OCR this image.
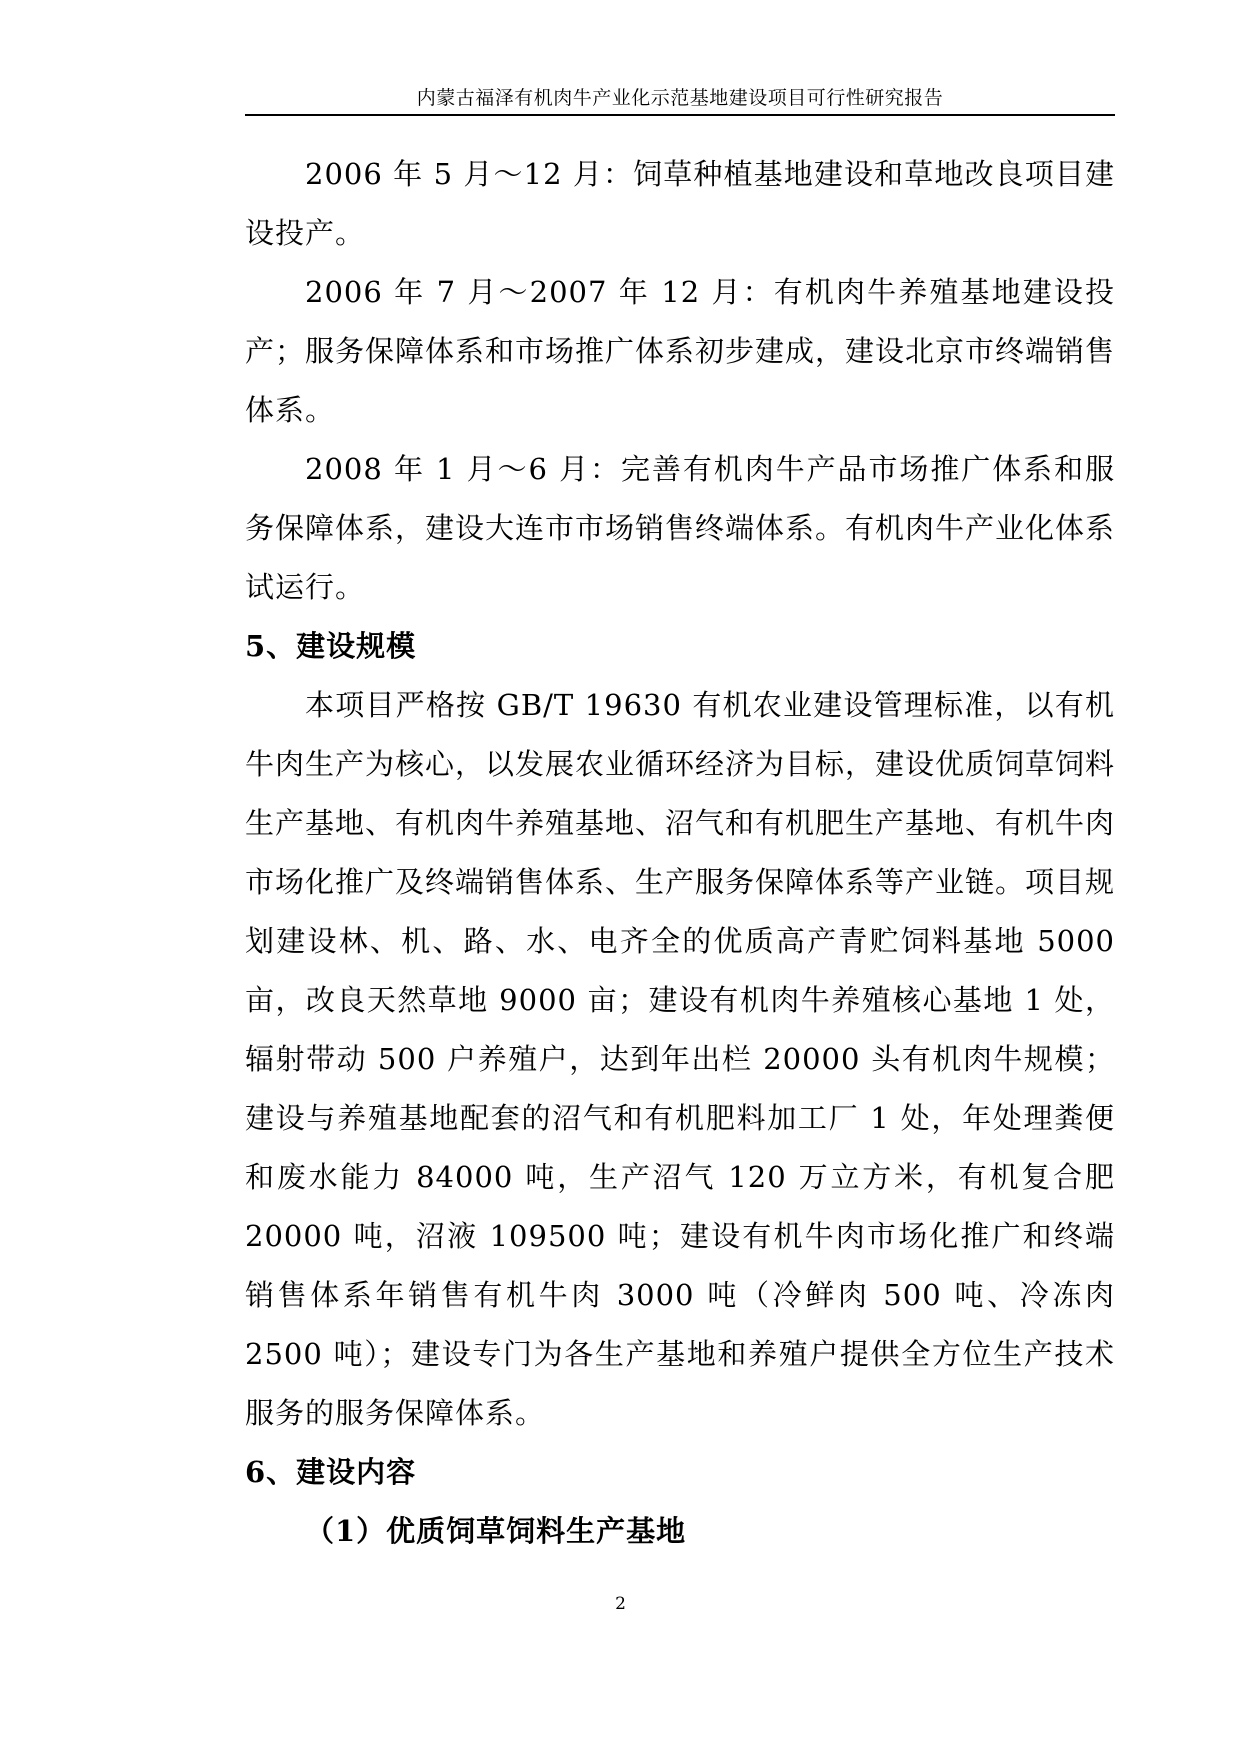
内蒙古福泽有机肉牛产业化示范基地建设项目可行性研究报告

2006 年 5 月～12 月：饲草种植基地建设和草地改良项目建设投产。

2006 年 7 月～2007 年 12 月：有机肉牛养殖基地建设投产；服务保障体系和市场推广体系初步建成，建设北京市终端销售体系。

2008 年 1 月～6 月：完善有机肉牛产品市场推广体系和服务保障体系，建设大连市市场销售终端体系。有机肉牛产业化体系试运行。

5、建设规模

本项目严格按 GB/T 19630 有机农业建设管理标准，以有机牛肉生产为核心，以发展农业循环经济为目标，建设优质饲草饲料生产基地、有机肉牛养殖基地、沼气和有机肥生产基地、有机牛肉市场化推广及终端销售体系、生产服务保障体系等产业链。项目规划建设林、机、路、水、电齐全的优质高产青贮饲料基地 5000 亩，改良天然草地 9000 亩；建设有机肉牛养殖核心基地 1 处，辐射带动 500 户养殖户，达到年出栏 20000 头有机肉牛规模；建设与养殖基地配套的沼气和有机肥料加工厂 1 处，年处理粪便和废水能力 84000 吨，生产沼气 120 万立方米，有机复合肥 20000 吨，沼液 109500 吨；建设有机牛肉市场化推广和终端销售体系年销售有机牛肉 3000 吨（冷鲜肉 500 吨、冷冻肉 2500 吨）；建设专门为各生产基地和养殖户提供全方位生产技术服务的服务保障体系。

6、建设内容

（1）优质饲草饲料生产基地

2
